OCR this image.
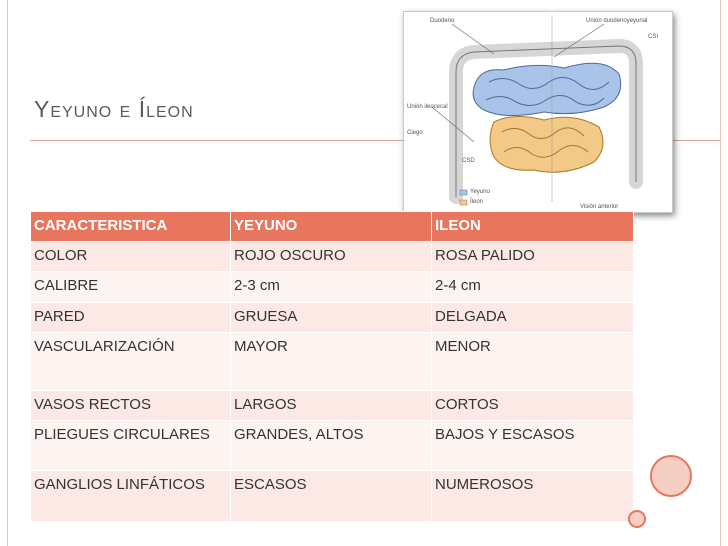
Yeyuno e Íleon
Duodeno	Unión duodenoyeyunal
CSI
Unión ileocecal
Ciego
CSD
Yeyuno
Íleon
Visión anterior
CARACTERISTICA	YEYUNO	ILEON
COLOR	ROJO OSCURO	ROSA PALIDO
CALIBRE	2-3 cm	2-4 cm
PARED	GRUESA	DELGADA
VASCULARIZACIÓN	MAYOR	MENOR
VASOS RECTOS	LARGOS	CORTOS
PLIEGUES CIRCULARES	GRANDES, ALTOS	BAJOS Y ESCASOS
GANGLIOS LINFÁTICOS	ESCASOS	NUMEROSOS
